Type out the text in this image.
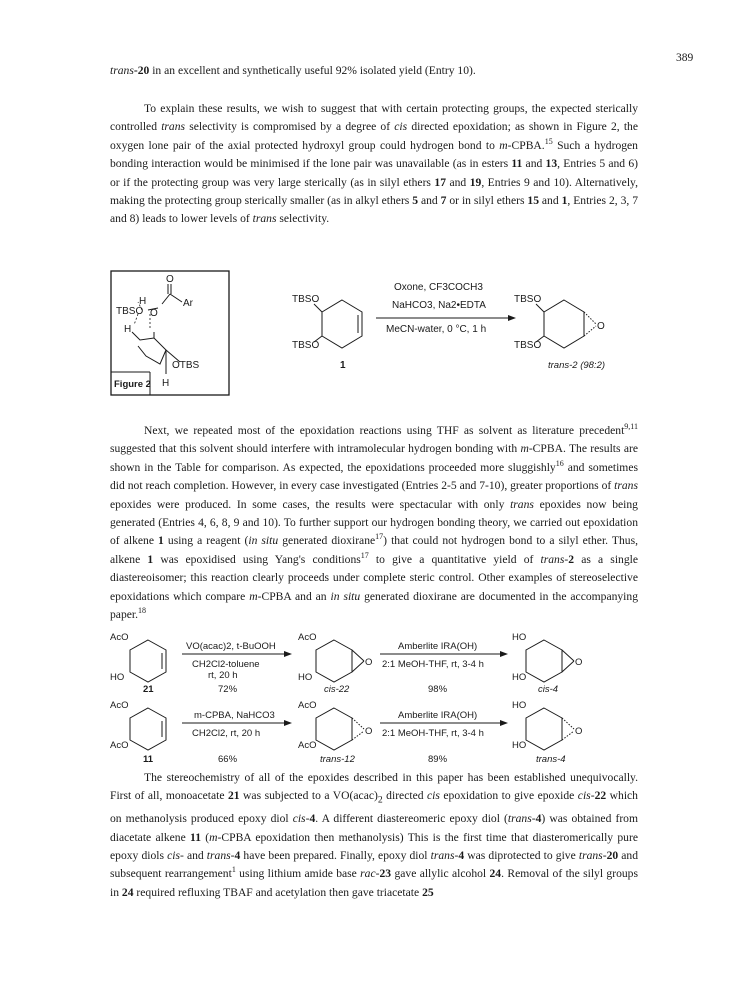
389

trans-20 in an excellent and synthetically useful 92% isolated yield (Entry 10).

To explain these results, we wish to suggest that with certain protecting groups, the expected sterically controlled trans selectivity is compromised by a degree of cis directed epoxidation; as shown in Figure 2, the oxygen lone pair of the axial protected hydroxyl group could hydrogen bond to m-CPBA.$^{15}$ Such a hydrogen bonding interaction would be minimised if the lone pair was unavailable (as in esters 11 and 13, Entries 5 and 6) or if the protecting group was very large sterically (as in silyl ethers 17 and 19, Entries 9 and 10). Alternatively, making the protecting group sterically smaller (as in alkyl ethers 5 and 7 or in silyl ethers 15 and 1, Entries 2, 3, 7 and 8) leads to lower levels of trans selectivity.

O
Ar
H
TBSO O
H
OTBS
H
Figure 2
TBSO
TBSO
1
Oxone, CF3COCH3
NaHCO3, Na2•EDTA
MeCN-water, 0 °C, 1 h
TBSO
TBSO
O
trans-2 (98:2)

Next, we repeated most of the epoxidation reactions using THF as solvent as literature precedent$^{9,11}$ suggested that this solvent should interfere with intramolecular hydrogen bonding with m-CPBA. The results are shown in the Table for comparison. As expected, the epoxidations proceeded more sluggishly$^{16}$ and sometimes did not reach completion. However, in every case investigated (Entries 2-5 and 7-10), greater proportions of trans epoxides were produced. In some cases, the results were spectacular with only trans epoxides now being generated (Entries 4, 6, 8, 9 and 10). To further support our hydrogen bonding theory, we carried out epoxidation of alkene 1 using a reagent (in situ generated dioxirane$^{17}$) that could not hydrogen bond to a silyl ether. Thus, alkene 1 was epoxidised using Yang's conditions$^{17}$ to give a quantitative yield of trans-2 as a single diastereoisomer; this reaction clearly proceeds under complete steric control. Other examples of stereoselective epoxidations which compare m-CPBA and an in situ generated dioxirane are documented in the accompanying paper.$^{18}$

AcO
HO
21
VO(acac)2, t-BuOOH
CH2Cl2-toluene
rt, 20 h
72%
AcO
HO
O
cis-22
Amberlite IRA(OH)
2:1 MeOH-THF, rt, 3-4 h
98%
HO
HO
O
cis-4
AcO
AcO
11
m-CPBA, NaHCO3
CH2Cl2, rt, 20 h
66%
AcO
AcO
O
trans-12
Amberlite IRA(OH)
2:1 MeOH-THF, rt, 3-4 h
89%
HO
HO
O
trans-4

The stereochemistry of all of the epoxides described in this paper has been established unequivocally. First of all, monoacetate 21 was subjected to a $VO(acac)_2$ directed cis epoxidation to give epoxide cis-22 which on methanolysis produced epoxy diol cis-4. A different diastereomeric epoxy diol (trans-4) was obtained from diacetate alkene 11 (m-CPBA epoxidation then methanolysis) This is the first time that diasteromerically pure epoxy diols cis- and trans-4 have been prepared. Finally, epoxy diol trans-4 was diprotected to give trans-20 and subsequent rearrangement$^1$ using lithium amide base rac-23 gave allylic alcohol 24. Removal of the silyl groups in 24 required refluxing TBAF and acetylation then gave triacetate 25
